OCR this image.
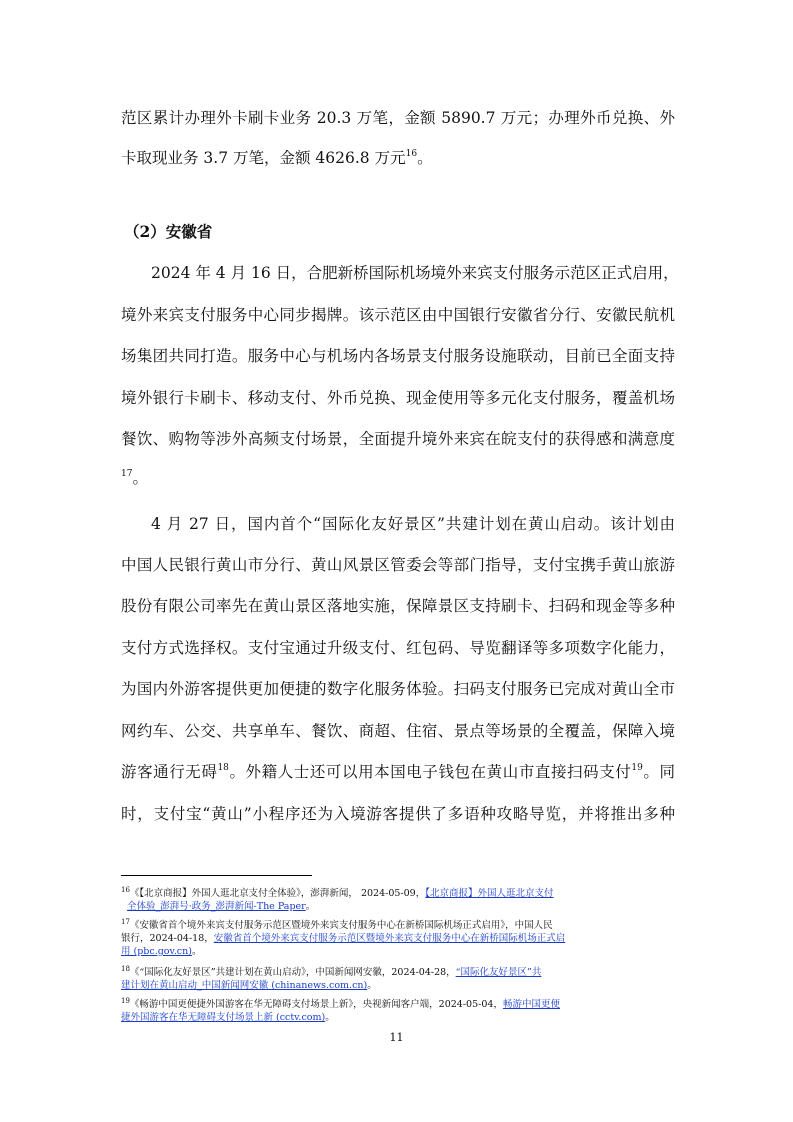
范区累计办理外卡刷卡业务 20.3 万笔，金额 5890.7 万元；办理外币兑换、外
卡取现业务 3.7 万笔，金额 4626.8 万元$^{16}$。
（2）安徽省
2024 年 4 月 16 日，合肥新桥国际机场境外来宾支付服务示范区正式启用，
境外来宾支付服务中心同步揭牌。该示范区由中国银行安徽省分行、安徽民航机
场集团共同打造。服务中心与机场内各场景支付服务设施联动，目前已全面支持
境外银行卡刷卡、移动支付、外币兑换、现金使用等多元化支付服务，覆盖机场
餐饮、购物等涉外高频支付场景，全面提升境外来宾在皖支付的获得感和满意度
$^{17}$。
4 月 27 日，国内首个“国际化友好景区”共建计划在黄山启动。该计划由
中国人民银行黄山市分行、黄山风景区管委会等部门指导，支付宝携手黄山旅游
股份有限公司率先在黄山景区落地实施，保障景区支持刷卡、扫码和现金等多种
支付方式选择权。支付宝通过升级支付、红包码、导览翻译等多项数字化能力，
为国内外游客提供更加便捷的数字化服务体验。扫码支付服务已完成对黄山全市
网约车、公交、共享单车、餐饮、商超、住宿、景点等场景的全覆盖，保障入境
游客通行无碍$^{18}$。外籍人士还可以用本国电子钱包在黄山市直接扫码支付$^{19}$。同
时，支付宝“黄山”小程序还为入境游客提供了多语种攻略导览，并将推出多种
$^{16}$《【北京商报】外国人逛北京支付全体验》，澎湃新闻， 2024-05-09，【北京商报】外国人逛北京支付
全体验_澎湃号·政务_澎湃新闻-The Paper。
$^{17}$《安徽省首个境外来宾支付服务示范区暨境外来宾支付服务中心在新桥国际机场正式启用》，中国人民
银行，2024-04-18，安徽省首个境外来宾支付服务示范区暨境外来宾支付服务中心在新桥国际机场正式启
用 (pbc.gov.cn)。
$^{18}$《“国际化友好景区”共建计划在黄山启动》，中国新闻网安徽，2024-04-28，“国际化友好景区”共
建计划在黄山启动_中国新闻网安徽 (chinanews.com.cn)。
$^{19}$《畅游中国更便捷外国游客在华无障碍支付场景上新》，央视新闻客户端，2024-05-04，畅游中国更便
捷外国游客在华无障碍支付场景上新 (cctv.com)。
11
